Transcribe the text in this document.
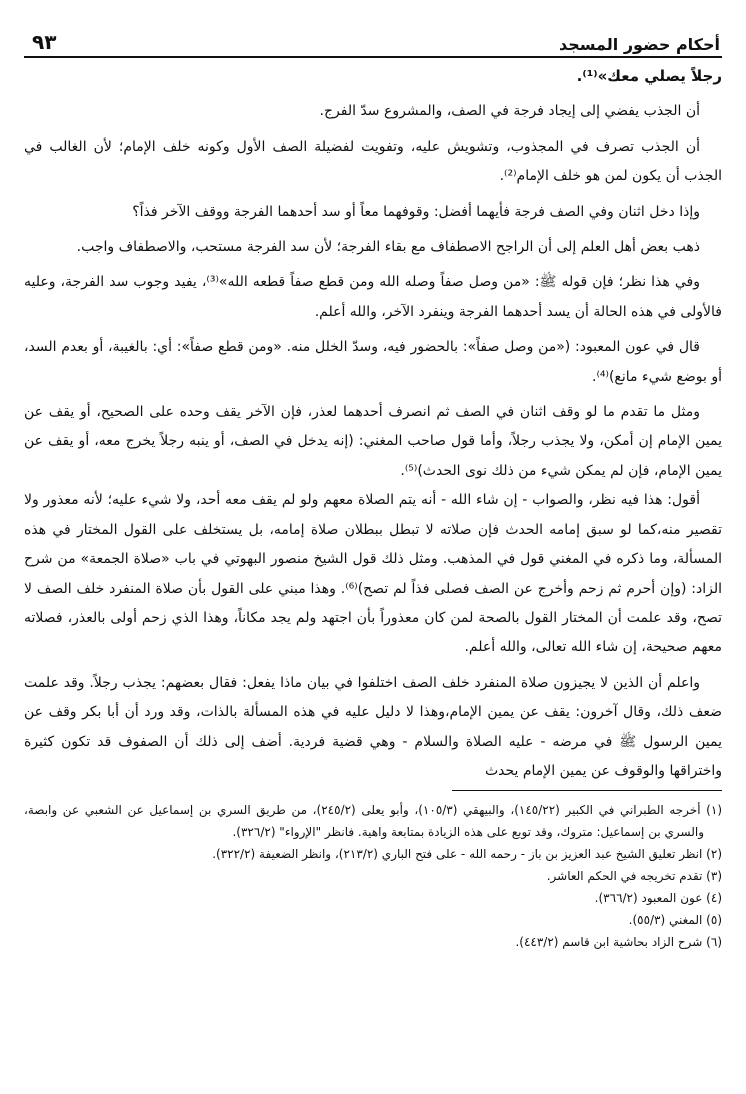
أحكام حضور المسجد
٩٣

رجلاً يصلي معك»⁽¹⁾.

أن الجذب يفضي إلى إيجاد فرجة في الصف، والمشروع سدّ الفرج.

أن الجذب تصرف في المجذوب، وتشويش عليه، وتفويت لفضيلة الصف الأول وكونه خلف الإمام؛ لأن الغالب في الجذب أن يكون لمن هو خلف الإمام⁽²⁾.

وإذا دخل اثنان وفي الصف فرجة فأيهما أفضل: وقوفهما معاً أو سد أحدهما الفرجة ووقف الآخر فذاً؟

ذهب بعض أهل العلم إلى أن الراجح الاصطفاف مع بقاء الفرجة؛ لأن سد الفرجة مستحب، والاصطفاف واجب.

وفي هذا نظر؛ فإن قوله ﷺ: «من وصل صفاً وصله الله ومن قطع صفاً قطعه الله»⁽³⁾، يفيد وجوب سد الفرجة، وعليه فالأولى في هذه الحالة أن يسد أحدهما الفرجة وينفرد الآخر، والله أعلم.

قال في عون المعبود: («من وصل صفاً»: بالحضور فيه، وسدّ الخلل منه. «ومن قطع صفاً»: أي: بالغيبة، أو بعدم السد، أو بوضع شيء مانع)⁽⁴⁾.

ومثل ما تقدم ما لو وقف اثنان في الصف ثم انصرف أحدهما لعذر، فإن الآخر يقف وحده على الصحيح، أو يقف عن يمين الإمام إن أمكن، ولا يجذب رجلاً، وأما قول صاحب المغني: (إنه يدخل في الصف، أو ينبه رجلاً يخرج معه، أو يقف عن يمين الإمام، فإن لم يمكن شيء من ذلك نوى الحدث)⁽⁵⁾.

أقول: هذا فيه نظر، والصواب - إن شاء الله - أنه يتم الصلاة معهم ولو لم يقف معه أحد، ولا شيء عليه؛ لأنه معذور ولا تقصير منه،كما لو سبق إمامه الحدث فإن صلاته لا تبطل ببطلان صلاة إمامه، بل يستخلف على القول المختار في هذه المسألة، وما ذكره في المغني قول في المذهب. ومثل ذلك قول الشيخ منصور البهوتي في باب «صلاة الجمعة» من شرح الزاد: (وإن أحرم ثم زحم وأخرج عن الصف فصلى فذاً لم تصح)⁽⁶⁾. وهذا مبني على القول بأن صلاة المنفرد خلف الصف لا تصح، وقد علمت أن المختار القول بالصحة لمن كان معذوراً بأن اجتهد ولم يجد مكاناً، وهذا الذي زحم أولى بالعذر، فصلاته معهم صحيحة، إن شاء الله تعالى، والله أعلم.

واعلم أن الذين لا يجيزون صلاة المنفرد خلف الصف اختلفوا في بيان ماذا يفعل: فقال بعضهم: يجذب رجلاً. وقد علمت ضعف ذلك، وقال آخرون: يقف عن يمين الإمام،وهذا لا دليل عليه في هذه المسألة بالذات، وقد ورد أن أبا بكر وقف عن يمين الرسول ﷺ في مرضه - عليه الصلاة والسلام - وهي قضية فردية. أضف إلى ذلك أن الصفوف قد تكون كثيرة واختراقها والوقوف عن يمين الإمام يحدث

(١) أخرجه الطبراني في الكبير (١٤٥/٢٢)، والبيهقي (١٠٥/٣)، وأبو يعلى (٢٤٥/٢)، من طريق السري بن إسماعيل عن الشعبي عن وابصة، والسري بن إسماعيل: متروك، وقد توبع على هذه الزيادة بمتابعة واهية. فانظر "الإرواء" (٣٢٦/٢).

(٢) انظر تعليق الشيخ عبد العزيز بن باز - رحمه الله - على فتح الباري (٢١٣/٢)، وانظر الضعيفة (٣٢٢/٢).

(٣) تقدم تخريجه في الحكم العاشر.

(٤) عون المعبود (٣٦٦/٢).

(٥) المغني (٥٥/٣).

(٦) شرح الزاد بحاشية ابن قاسم (٤٤٣/٢).
